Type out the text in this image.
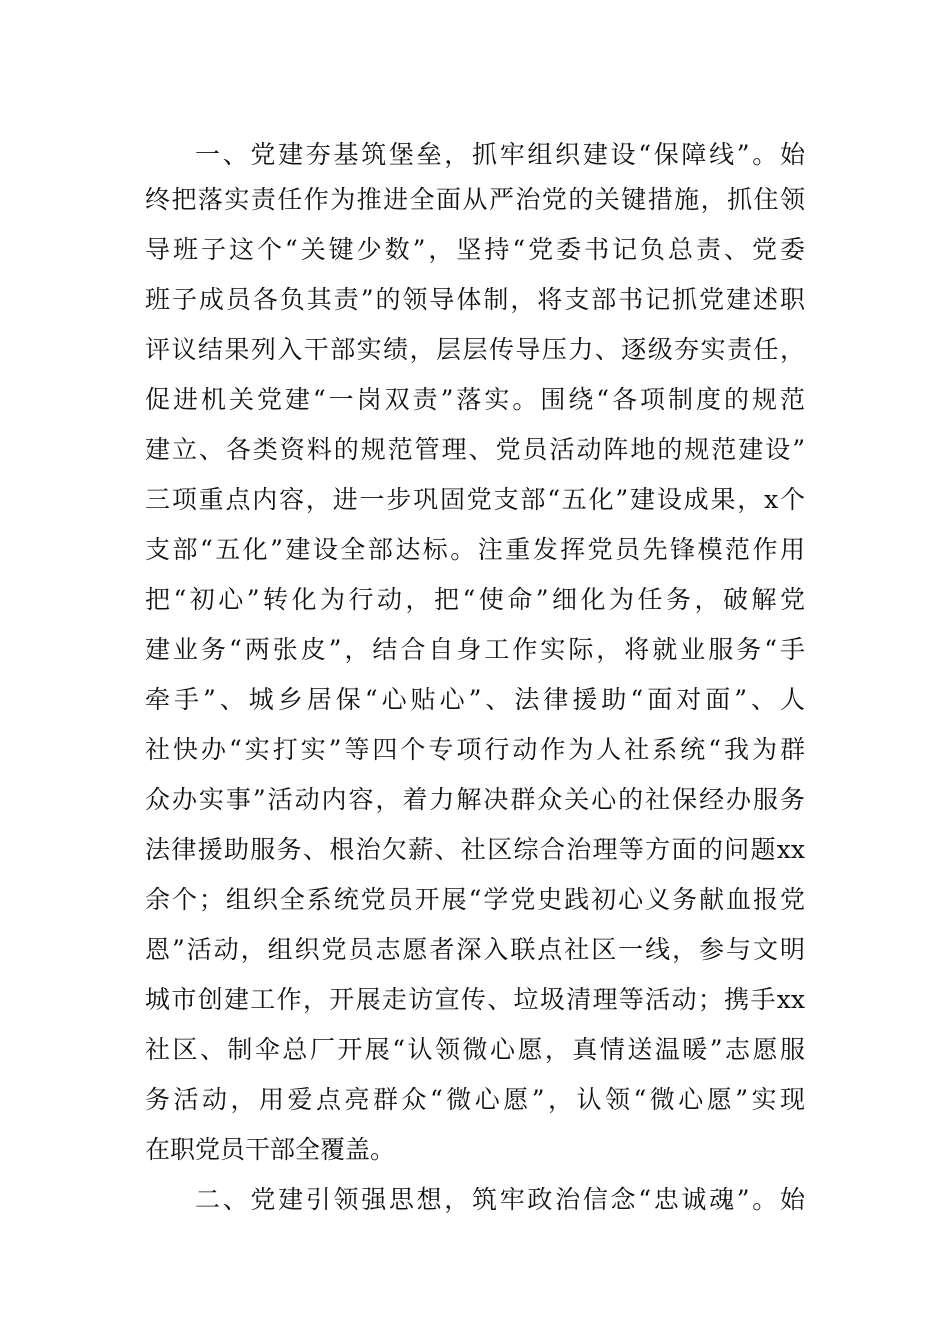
一、党建夯基筑堡垒，抓牢组织建设“保障线”。始
终把落实责任作为推进全面从严治党的关键措施，抓住领
导班子这个“关键少数”，坚持“党委书记负总责、党委
班子成员各负其责”的领导体制，将支部书记抓党建述职
评议结果列入干部实绩，层层传导压力、逐级夯实责任，
促进机关党建“一岗双责”落实。围绕“各项制度的规范
建立、各类资料的规范管理、党员活动阵地的规范建设”
三项重点内容，进一步巩固党支部“五化”建设成果，x个
支部“五化”建设全部达标。注重发挥党员先锋模范作用
把“初心”转化为行动，把“使命”细化为任务，破解党
建业务“两张皮”，结合自身工作实际，将就业服务“手
牵手”、城乡居保“心贴心”、法律援助“面对面”、人
社快办“实打实”等四个专项行动作为人社系统“我为群
众办实事”活动内容，着力解决群众关心的社保经办服务
法律援助服务、根治欠薪、社区综合治理等方面的问题xx
余个；组织全系统党员开展“学党史践初心义务献血报党
恩”活动，组织党员志愿者深入联点社区一线，参与文明
城市创建工作，开展走访宣传、垃圾清理等活动；携手xx
社区、制伞总厂开展“认领微心愿，真情送温暖”志愿服
务活动，用爱点亮群众“微心愿”，认领“微心愿”实现
在职党员干部全覆盖。
二、党建引领强思想，筑牢政治信念“忠诚魂”。始
